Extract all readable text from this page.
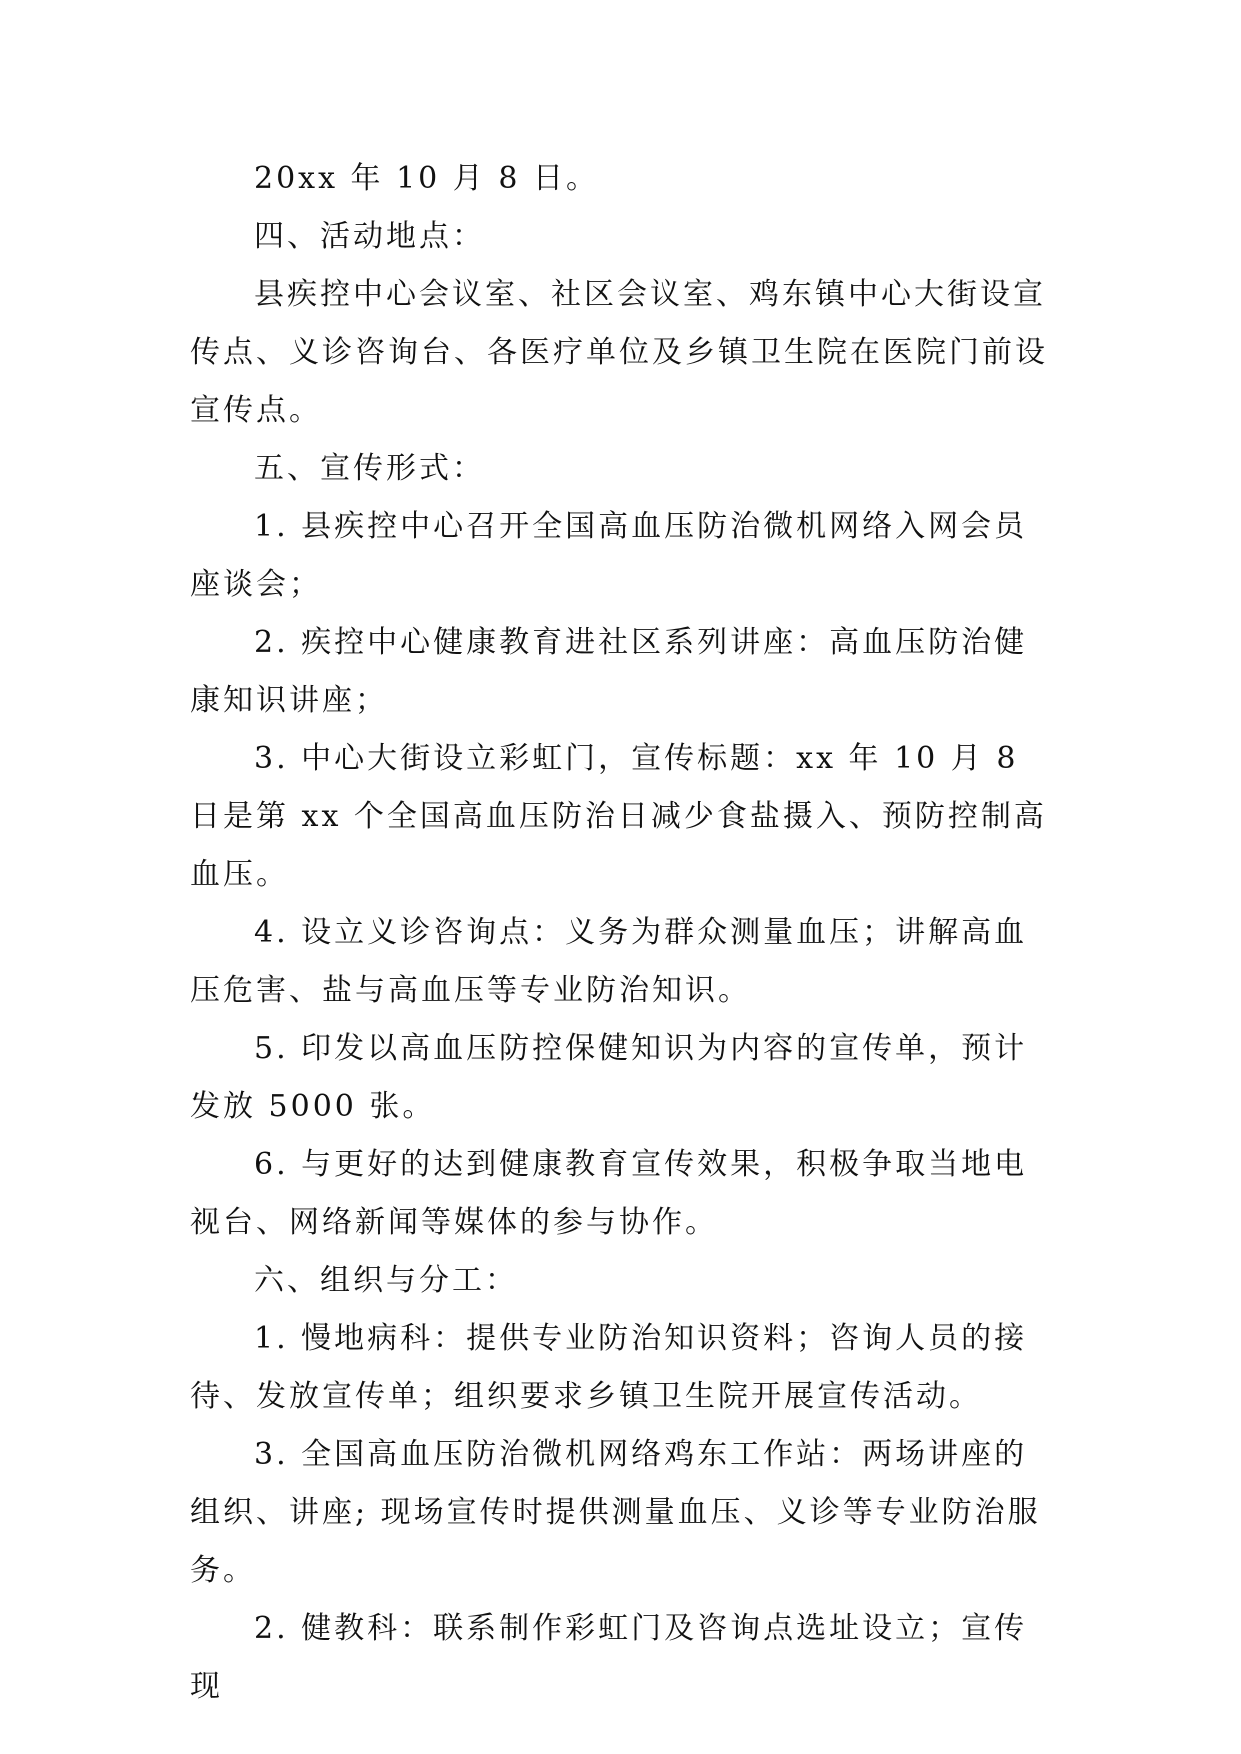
20xx 年 10 月 8 日。

四、活动地点：

县疾控中心会议室、社区会议室、鸡东镇中心大街设宣传点、义诊咨询台、各医疗单位及乡镇卫生院在医院门前设宣传点。

五、宣传形式：

1. 县疾控中心召开全国高血压防治微机网络入网会员座谈会；

2. 疾控中心健康教育进社区系列讲座：高血压防治健康知识讲座；

3. 中心大街设立彩虹门，宣传标题：xx 年 10 月 8 日是第 xx 个全国高血压防治日减少食盐摄入、预防控制高血压。

4. 设立义诊咨询点：义务为群众测量血压；讲解高血压危害、盐与高血压等专业防治知识。

5. 印发以高血压防控保健知识为内容的宣传单，预计发放 5000 张。

6. 与更好的达到健康教育宣传效果，积极争取当地电视台、网络新闻等媒体的参与协作。

六、组织与分工：

1. 慢地病科：提供专业防治知识资料；咨询人员的接待、发放宣传单；组织要求乡镇卫生院开展宣传活动。

3. 全国高血压防治微机网络鸡东工作站：两场讲座的组织、讲座; 现场宣传时提供测量血压、义诊等专业防治服务。

2. 健教科：联系制作彩虹门及咨询点选址设立；宣传现
